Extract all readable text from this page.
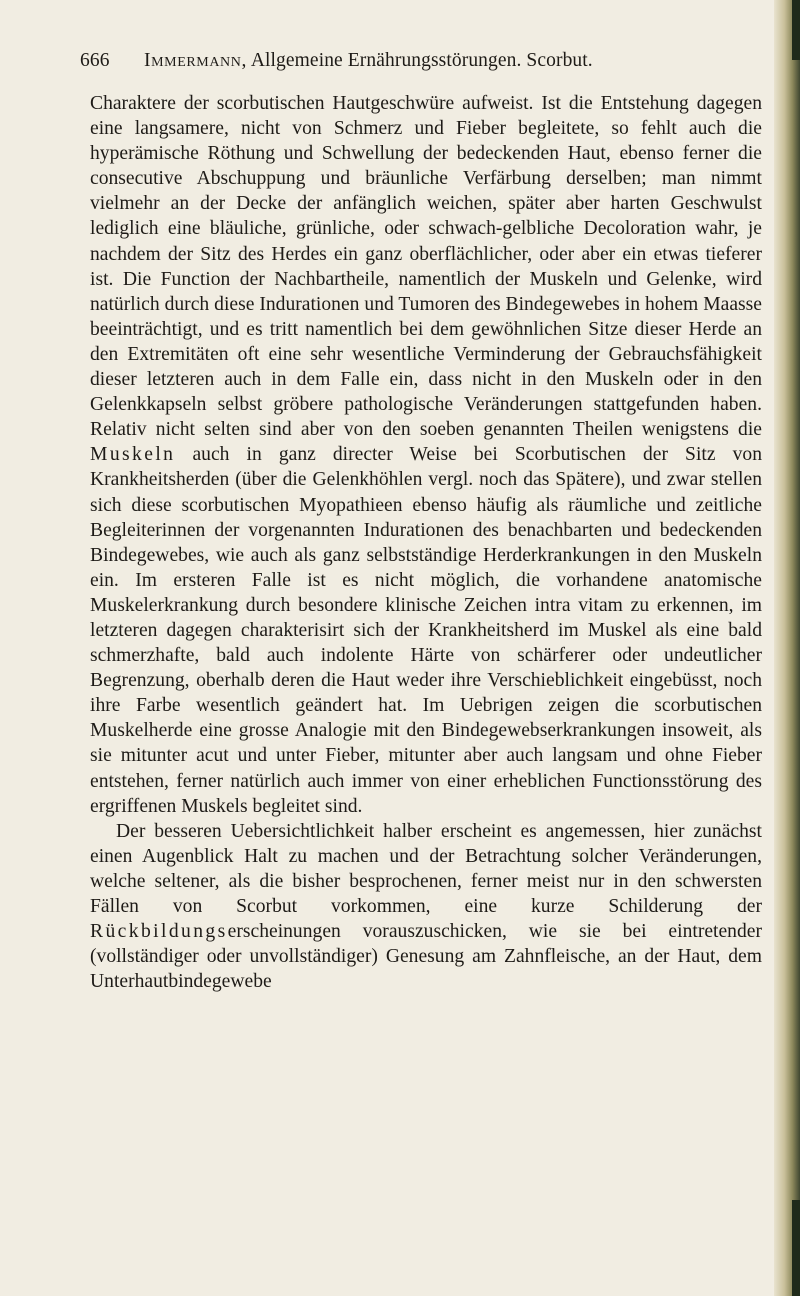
666 Immermann, Allgemeine Ernährungsstörungen. Scorbut.

Charaktere der scorbutischen Hautgeschwüre aufweist. Ist die Entstehung dagegen eine langsamere, nicht von Schmerz und Fieber begleitete, so fehlt auch die hyperämische Röthung und Schwellung der bedeckenden Haut, ebenso ferner die consecutive Abschuppung und bräunliche Verfärbung derselben; man nimmt vielmehr an der Decke der anfänglich weichen, später aber harten Geschwulst lediglich eine bläuliche, grünliche, oder schwach-gelbliche Decoloration wahr, je nachdem der Sitz des Herdes ein ganz oberflächlicher, oder aber ein etwas tieferer ist. Die Function der Nachbartheile, namentlich der Muskeln und Gelenke, wird natürlich durch diese Indurationen und Tumoren des Bindegewebes in hohem Maasse beeinträchtigt, und es tritt namentlich bei dem gewöhnlichen Sitze dieser Herde an den Extremitäten oft eine sehr wesentliche Verminderung der Gebrauchsfähigkeit dieser letzteren auch in dem Falle ein, dass nicht in den Muskeln oder in den Gelenkkapseln selbst gröbere pathologische Veränderungen stattgefunden haben. Relativ nicht selten sind aber von den soeben genannten Theilen wenigstens die Muskeln auch in ganz directer Weise bei Scorbutischen der Sitz von Krankheitsherden (über die Gelenkhöhlen vergl. noch das Spätere), und zwar stellen sich diese scorbutischen Myopathieen ebenso häufig als räumliche und zeitliche Begleiterinnen der vorgenannten Indurationen des benachbarten und bedeckenden Bindegewebes, wie auch als ganz selbstständige Herderkrankungen in den Muskeln ein. Im ersteren Falle ist es nicht möglich, die vorhandene anatomische Muskelerkrankung durch besondere klinische Zeichen intra vitam zu erkennen, im letzteren dagegen charakterisirt sich der Krankheitsherd im Muskel als eine bald schmerzhafte, bald auch indolente Härte von schärferer oder undeutlicher Begrenzung, oberhalb deren die Haut weder ihre Verschieblichkeit eingebüsst, noch ihre Farbe wesentlich geändert hat. Im Uebrigen zeigen die scorbutischen Muskelherde eine grosse Analogie mit den Bindegewebserkrankungen insoweit, als sie mitunter acut und unter Fieber, mitunter aber auch langsam und ohne Fieber entstehen, ferner natürlich auch immer von einer erheblichen Functionsstörung des ergriffenen Muskels begleitet sind.

Der besseren Uebersichtlichkeit halber erscheint es angemessen, hier zunächst einen Augenblick Halt zu machen und der Betrachtung solcher Veränderungen, welche seltener, als die bisher besprochenen, ferner meist nur in den schwersten Fällen von Scorbut vorkommen, eine kurze Schilderung der Rückbildungserscheinungen vorauszuschicken, wie sie bei eintretender (vollständiger oder unvollständiger) Genesung am Zahnfleische, an der Haut, dem Unterhautbindegewebe
